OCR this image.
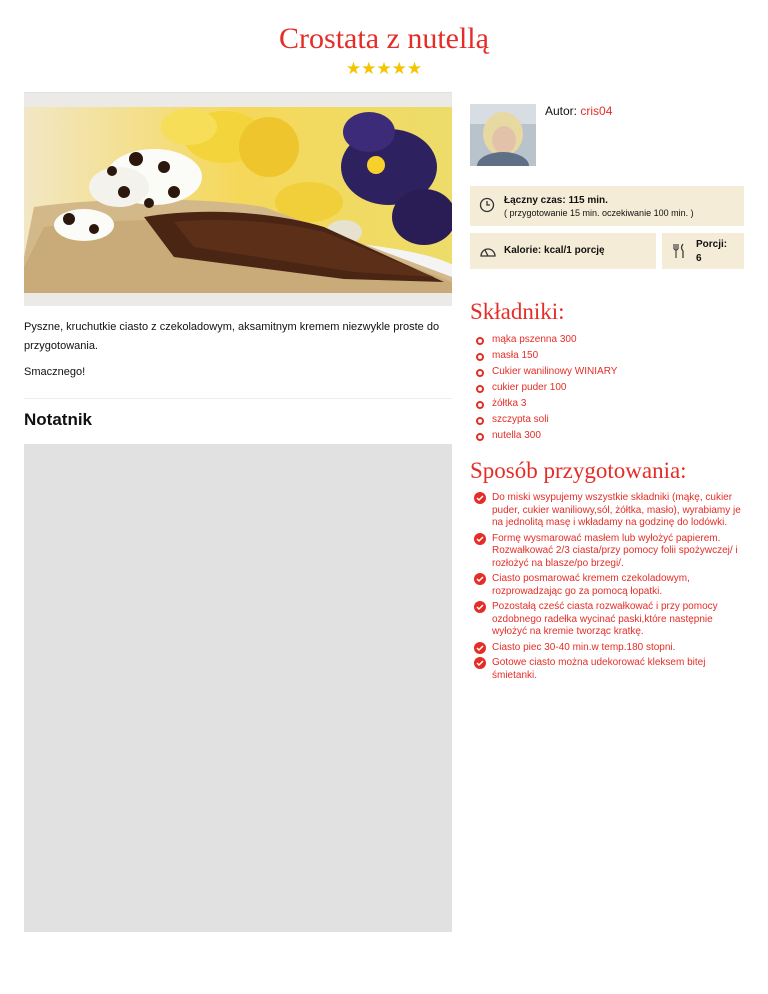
Crostata z nutellą
★★★★★

Pyszne, kruchutkie ciasto z czekoladowym, aksamitnym kremem niezwykle proste do przygotowania.

Smacznego!

Notatnik
Autor: cris04
Łączny czas: 115 min.
( przygotowanie 15 min. oczekiwanie 100 min. )
Kalorie: kcal/1 porcję
Porcji:
6
Składniki:
mąka pszenna 300
masła 150
Cukier wanilinowy WINIARY
cukier puder 100
żółtka 3
szczypta soli
nutella 300
Sposób przygotowania:
Do miski wsypujemy wszystkie składniki (mąkę, cukier puder, cukier waniliowy,sól, żółtka, masło), wyrabiamy je na jednolitą masę i wkładamy na godzinę do lodówki.
Formę wysmarować masłem lub wyłożyć papierem. Rozwałkować 2/3 ciasta/przy pomocy folii spożywczej/ i rozłożyć na blasze/po brzegi/.
Ciasto posmarować kremem czekoladowym, rozprowadzając go za pomocą łopatki.
Pozostałą cześć ciasta rozwałkować i przy pomocy ozdobnego radełka wycinać paski,które następnie wyłożyć na kremie tworząc kratkę.
Ciasto piec 30-40 min.w temp.180 stopni.
Gotowe ciasto można udekorować kleksem bitej śmietanki.
